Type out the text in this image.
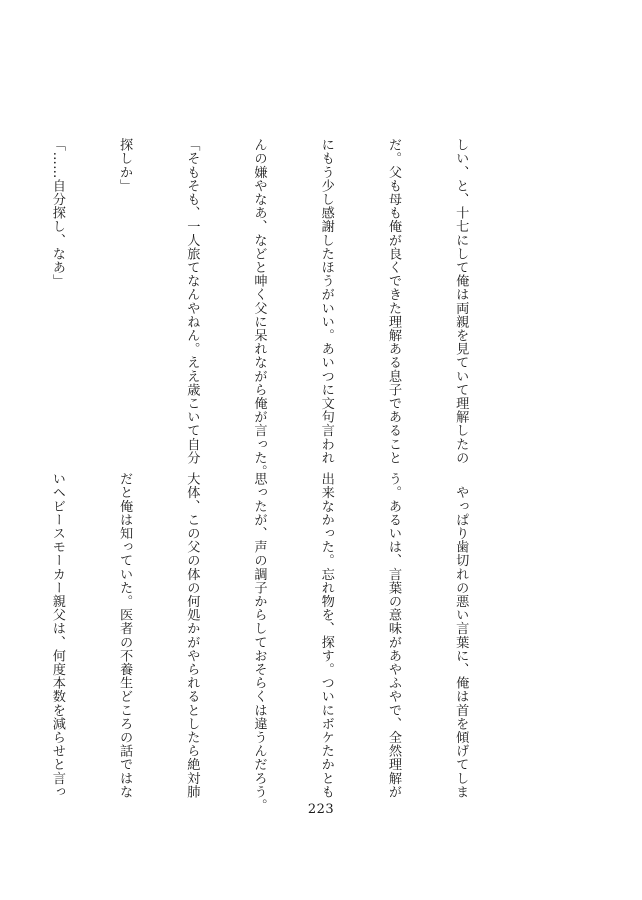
しい、と、十七にして俺は両親を見ていて理解したの

だ。父も母も俺が良くできた理解ある息子であること

にもう少し感謝したほうがいい。あいつに文句言われ

んの嫌やなあ、などと呻く父に呆れながら俺が言った。

「そもそも、一人旅てなんやねん。ええ歳こいて自分

探しか」

「……自分探し、なあ」

　やっぱり歯切れの悪い言葉に、俺は首を傾げてしま

う。あるいは、言葉の意味があやふやで、全然理解が

出来なかった。忘れ物を、探す。ついにボケたかとも

思ったが、声の調子からしておそらくは違うんだろう。

大体、この父の体の何処かがやられるとしたら絶対肺

だと俺は知っていた。医者の不養生どころの話ではな

いヘビースモーカー親父は、何度本数を減らせと言っ

223
